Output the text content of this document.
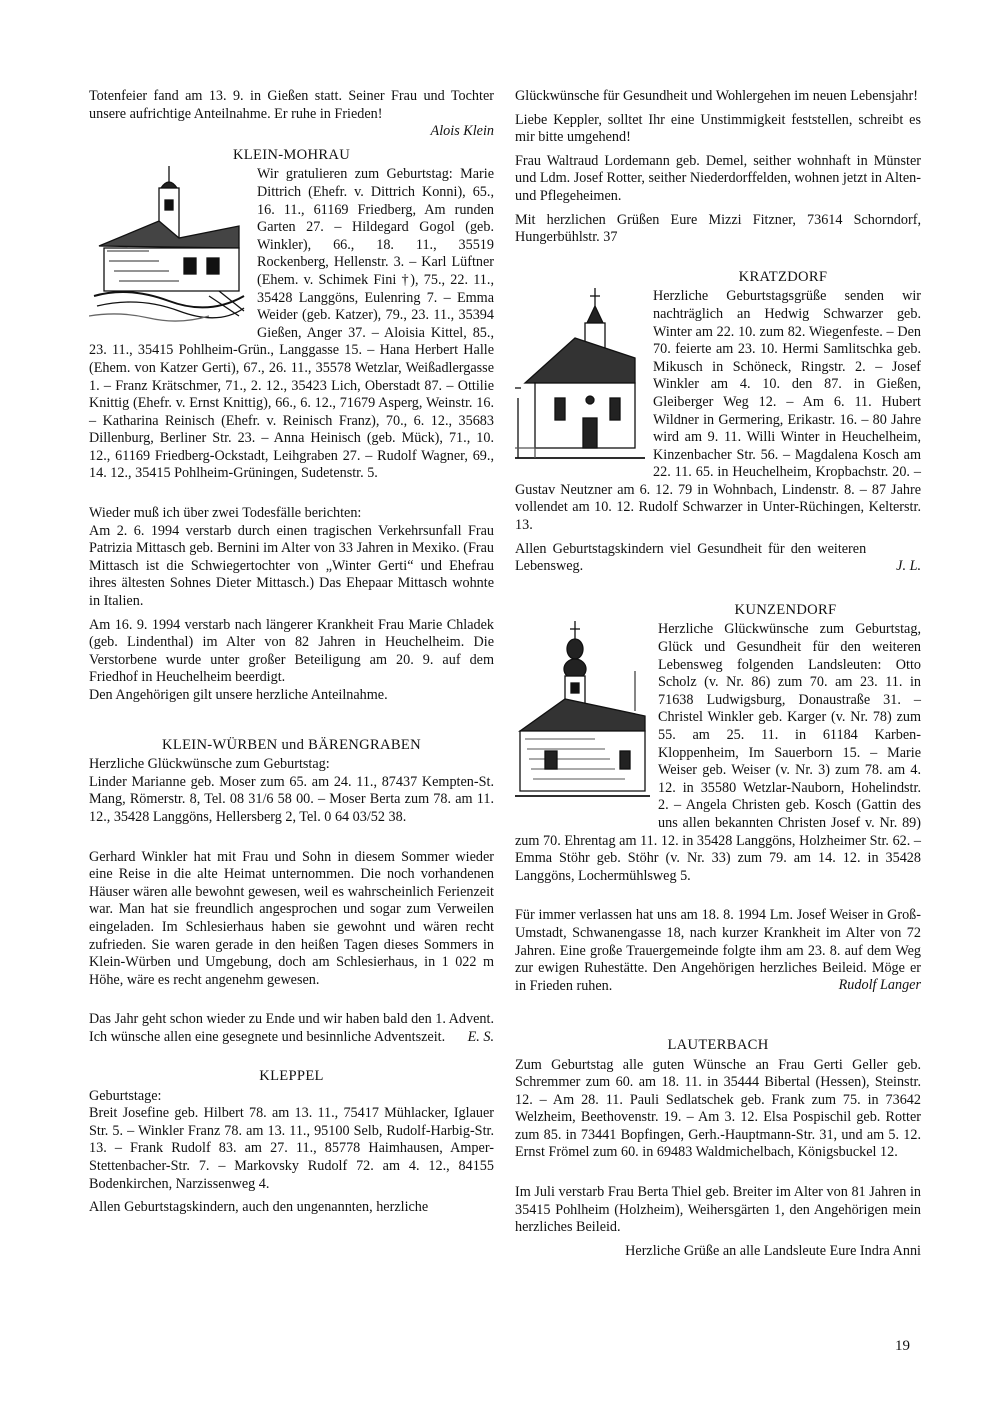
Totenfeier fand am 13. 9. in Gießen statt. Seiner Frau und Tochter unsere aufrichtige Anteilnahme. Er ruhe in Frieden!

Alois Klein

KLEIN-MOHRAU

Wir gratulieren zum Geburtstag: Marie Dittrich (Ehefr. v. Dittrich Konni), 65., 16. 11., 61169 Friedberg, Am runden Garten 27. – Hildegard Gogol (geb. Winkler), 66., 18. 11., 35519 Rockenberg, Hellenstr. 3. – Karl Lüftner (Ehem. v. Schimek Fini †), 75., 22. 11., 35428 Langgöns, Eulenring 7. – Emma Weider (geb. Katzer), 79., 23. 11., 35394 Gießen, Anger 37. – Aloisia Kittel, 85., 23. 11., 35415 Pohlheim-Grün., Langgasse 15. – Hana Herbert Halle (Ehem. von Katzer Gerti), 67., 26. 11., 35578 Wetzlar, Weißadlergasse 1. – Franz Krätschmer, 71., 2. 12., 35423 Lich, Oberstadt 87. – Ottilie Knittig (Ehefr. v. Ernst Knittig), 66., 6. 12., 71679 Asperg, Weinstr. 16. – Katharina Reinisch (Ehefr. v. Reinisch Franz), 70., 6. 12., 35683 Dillenburg, Berliner Str. 23. – Anna Heinisch (geb. Mück), 71., 10. 12., 61169 Friedberg-Ockstadt, Leihgraben 27. – Rudolf Wagner, 69., 14. 12., 35415 Pohlheim-Grüningen, Sudetenstr. 5.

Wieder muß ich über zwei Todesfälle berichten:

Am 2. 6. 1994 verstarb durch einen tragischen Verkehrsunfall Frau Patrizia Mittasch geb. Bernini im Alter von 33 Jahren in Mexiko. (Frau Mittasch ist die Schwiegertochter von „Winter Gerti“ und Ehefrau ihres ältesten Sohnes Dieter Mittasch.) Das Ehepaar Mittasch wohnte in Italien.

Am 16. 9. 1994 verstarb nach längerer Krankheit Frau Marie Chladek (geb. Lindenthal) im Alter von 82 Jahren in Heuchelheim. Die Verstorbene wurde unter großer Beteiligung am 20. 9. auf dem Friedhof in Heuchelheim beerdigt.

Den Angehörigen gilt unsere herzliche Anteilnahme.

KLEIN-WÜRBEN und BÄRENGRABEN

Herzliche Glückwünsche zum Geburtstag:

Linder Marianne geb. Moser zum 65. am 24. 11., 87437 Kempten-St. Mang, Römerstr. 8, Tel. 08 31/6 58 00. – Moser Berta zum 78. am 11. 12., 35428 Langgöns, Hellersberg 2, Tel. 0 64 03/52 38.

Gerhard Winkler hat mit Frau und Sohn in diesem Sommer wieder eine Reise in die alte Heimat unternommen. Die noch vorhandenen Häuser wären alle bewohnt gewesen, weil es wahrscheinlich Ferienzeit war. Man hat sie freundlich angesprochen und sogar zum Verweilen eingeladen. Im Schlesierhaus haben sie gewohnt und wären recht zufrieden. Sie waren gerade in den heißen Tagen dieses Sommers in Klein-Würben und Umgebung, doch am Schlesierhaus, in 1 022 m Höhe, wäre es recht angenehm gewesen.

Das Jahr geht schon wieder zu Ende und wir haben bald den 1. Advent. Ich wünsche allen eine gesegnete und besinnliche Adventszeit.	E. S.

KLEPPEL

Geburtstage:

Breit Josefine geb. Hilbert 78. am 13. 11., 75417 Mühlacker, Iglauer Str. 5. – Winkler Franz 78. am 13. 11., 95100 Selb, Rudolf-Harbig-Str. 13. – Frank Rudolf 83. am 27. 11., 85778 Haimhausen, Amper-Stettenbacher-Str. 7. – Markovsky Rudolf 72. am 4. 12., 84155 Bodenkirchen, Narzissenweg 4.

Allen Geburtstagskindern, auch den ungenannten, herzliche

Glückwünsche für Gesundheit und Wohlergehen im neuen Lebensjahr!

Liebe Keppler, solltet Ihr eine Unstimmigkeit feststellen, schreibt es mir bitte umgehend!

Frau Waltraud Lordemann geb. Demel, seither wohnhaft in Münster und Ldm. Josef Rotter, seither Niederdorffelden, wohnen jetzt in Alten- und Pflegeheimen.

Mit herzlichen Grüßen Eure Mizzi Fitzner, 73614 Schorndorf, Hungerbühlstr. 37

KRATZDORF

Herzliche Geburtstagsgrüße senden wir nachträglich an Hedwig Schwarzer geb. Winter am 22. 10. zum 82. Wiegenfeste. – Den 70. feierte am 23. 10. Hermi Samlitschka geb. Mikusch in Schöneck, Ringstr. 2. – Josef Winkler am 4. 10. den 87. in Gießen, Gleiberger Weg 12. – Am 6. 11. Hubert Wildner in Germering, Erikastr. 16. – 80 Jahre wird am 9. 11. Willi Winter in Heuchelheim, Kinzenbacher Str. 56. – Magdalena Kosch am 22. 11. 65. in Heuchelheim, Kropbachstr. 20. – Gustav Neutzner am 6. 12. 79 in Wohnbach, Lindenstr. 8. – 87 Jahre vollendet am 10. 12. Rudolf Schwarzer in Unter-Rüchingen, Kelterstr. 13.

Allen Geburtstagskindern viel Gesundheit für den weiteren Lebensweg.	J. L.
KUNZENDORF

Herzliche Glückwünsche zum Geburtstag, Glück und Gesundheit für den weiteren Lebensweg folgenden Landsleuten: Otto Scholz (v. Nr. 86) zum 70. am 23. 11. in 71638 Ludwigsburg, Donaustraße 31. – Christel Winkler geb. Karger (v. Nr. 78) zum 55. am 25. 11. in 61184 Karben-Kloppenheim, Im Sauerborn 15. – Marie Weiser geb. Weiser (v. Nr. 3) zum 78. am 4. 12. in 35580 Wetzlar-Nauborn, Hohelindstr. 2. – Angela Christen geb. Kosch (Gattin des uns allen bekannten Christen Josef v. Nr. 89) zum 70. Ehrentag am 11. 12. in 35428 Langgöns, Holzheimer Str. 62. – Emma Stöhr geb. Stöhr (v. Nr. 33) zum 79. am 14. 12. in 35428 Langgöns, Lochermühlsweg 5.

Für immer verlassen hat uns am 18. 8. 1994 Lm. Josef Weiser in Groß-Umstadt, Schwanengasse 18, nach kurzer Krankheit im Alter von 72 Jahren. Eine große Trauergemeinde folgte ihm am 23. 8. auf dem Weg zur ewigen Ruhestätte. Den Angehörigen herzliches Beileid. Möge er in Frieden ruhen.	Rudolf Langer

LAUTERBACH

Zum Geburtstag alle guten Wünsche an Frau Gerti Geller geb. Schremmer zum 60. am 18. 11. in 35444 Bibertal (Hessen), Steinstr. 12. – Am 28. 11. Pauli Sedlatschek geb. Frank zum 75. in 73642 Welzheim, Beethovenstr. 19. – Am 3. 12. Elsa Pospischil geb. Rotter zum 85. in 73441 Bopfingen, Gerh.-Hauptmann-Str. 31, und am 5. 12. Ernst Frömel zum 60. in 69483 Waldmichelbach, Königsbuckel 12.

Im Juli verstarb Frau Berta Thiel geb. Breiter im Alter von 81 Jahren in 35415 Pohlheim (Holzheim), Weihersgärten 1, den Angehörigen mein herzliches Beileid.

Herzliche Grüße an alle Landsleute Eure Indra Anni

19
